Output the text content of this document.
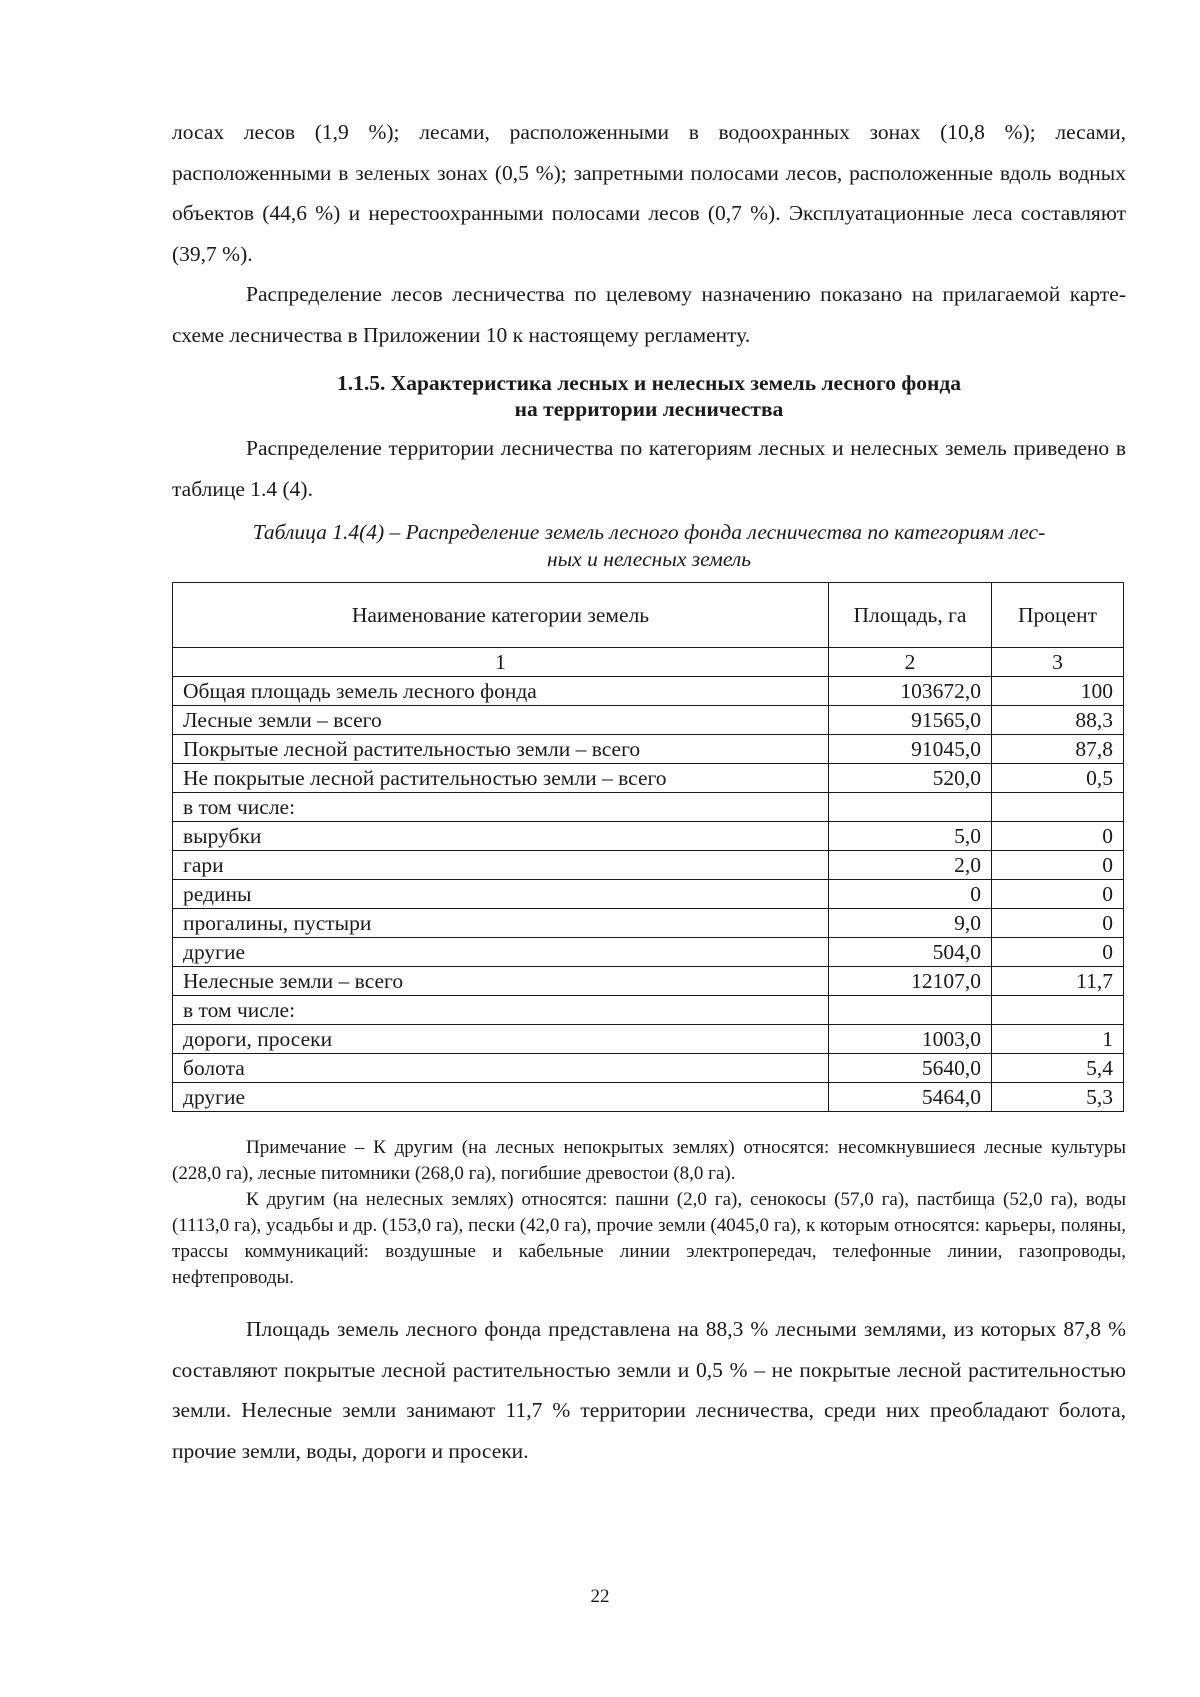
лосах лесов (1,9 %); лесами, расположенными в водоохранных зонах (10,8 %); лесами, расположенными в зеленых зонах (0,5 %); запретными полосами лесов, расположенные вдоль водных объектов (44,6 %) и нерестоохранными полосами лесов (0,7 %). Эксплуатационные леса составляют (39,7 %).

Распределение лесов лесничества по целевому назначению показано на прилагаемой карте-схеме лесничества в Приложении 10 к настоящему регламенту.

1.1.5. Характеристика лесных и нелесных земель лесного фонда
на территории лесничества

Распределение территории лесничества по категориям лесных и нелесных земель приведено в таблице 1.4 (4).

Таблица 1.4(4) – Распределение земель лесного фонда лесничества по категориям лес-
ных и нелесных земель
Наименование категории земель	Площадь, га	Процент
1	2	3
Общая площадь земель лесного фонда	103672,0	100
Лесные земли – всего	91565,0	88,3
Покрытые лесной растительностью земли – всего	91045,0	87,8
Не покрытые лесной растительностью земли – всего	520,0	0,5
в том числе:		
вырубки	5,0	0
гари	2,0	0
редины	0	0
прогалины, пустыри	9,0	0
другие	504,0	0
Нелесные земли – всего	12107,0	11,7
в том числе:		
дороги, просеки	1003,0	1
болота	5640,0	5,4
другие	5464,0	5,3

Примечание – К другим (на лесных непокрытых землях) относятся: несомкнувшиеся лесные культуры (228,0 га), лесные питомники (268,0 га), погибшие древостои (8,0 га).

К другим (на нелесных землях) относятся: пашни (2,0 га), сенокосы (57,0 га), пастбища (52,0 га), воды (1113,0 га), усадьбы и др. (153,0 га), пески (42,0 га), прочие земли (4045,0 га), к которым относятся: карьеры, поляны, трассы коммуникаций: воздушные и кабельные линии электропередач, телефонные линии, газопроводы, нефтепроводы.

Площадь земель лесного фонда представлена на 88,3 % лесными землями, из которых 87,8 % составляют покрытые лесной растительностью земли и 0,5 % – не покрытые лесной растительностью земли. Нелесные земли занимают 11,7 % территории лесничества, среди них преобладают болота, прочие земли, воды, дороги и просеки.

22
